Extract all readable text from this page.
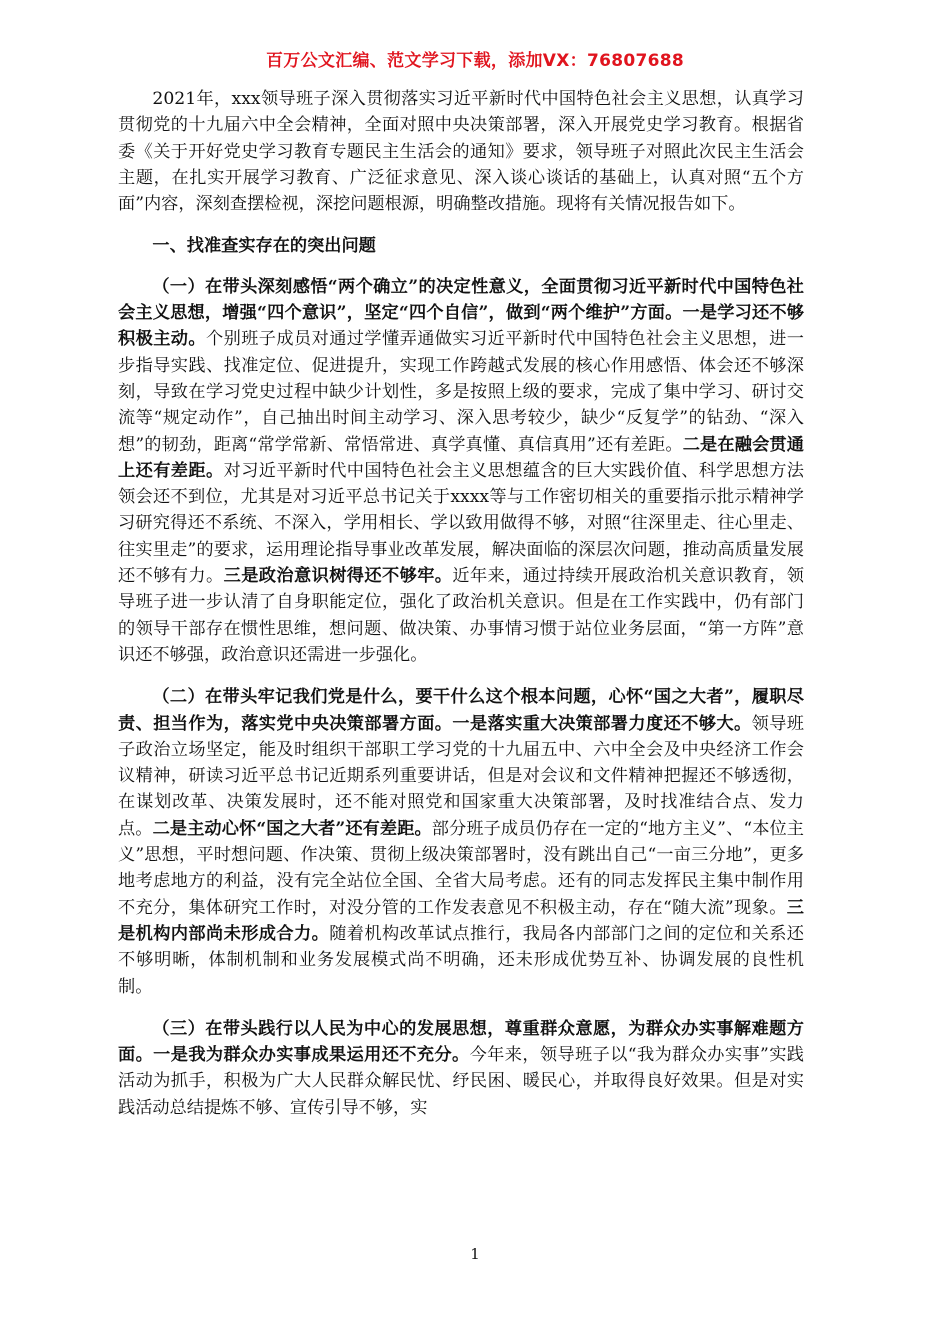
百万公文汇编、范文学习下载，添加VX：76807688

2021年，xxx领导班子深入贯彻落实习近平新时代中国特色社会主义思想，认真学习贯彻党的十九届六中全会精神，全面对照中央决策部署，深入开展党史学习教育。根据省委《关于开好党史学习教育专题民主生活会的通知》要求，领导班子对照此次民主生活会主题，在扎实开展学习教育、广泛征求意见、深入谈心谈话的基础上，认真对照“五个方面”内容，深刻查摆检视，深挖问题根源，明确整改措施。现将有关情况报告如下。

一、找准查实存在的突出问题

（一）在带头深刻感悟“两个确立”的决定性意义，全面贯彻习近平新时代中国特色社会主义思想，增强“四个意识”，坚定“四个自信”，做到“两个维护”方面。一是学习还不够积极主动。个别班子成员对通过学懂弄通做实习近平新时代中国特色社会主义思想，进一步指导实践、找准定位、促进提升，实现工作跨越式发展的核心作用感悟、体会还不够深刻，导致在学习党史过程中缺少计划性，多是按照上级的要求，完成了集中学习、研讨交流等“规定动作”，自己抽出时间主动学习、深入思考较少，缺少“反复学”的钻劲、“深入想”的韧劲，距离“常学常新、常悟常进、真学真懂、真信真用”还有差距。二是在融会贯通上还有差距。对习近平新时代中国特色社会主义思想蕴含的巨大实践价值、科学思想方法领会还不到位，尤其是对习近平总书记关于xxxx等与工作密切相关的重要指示批示精神学习研究得还不系统、不深入，学用相长、学以致用做得不够，对照“往深里走、往心里走、往实里走”的要求，运用理论指导事业改革发展，解决面临的深层次问题，推动高质量发展还不够有力。三是政治意识树得还不够牢。近年来，通过持续开展政治机关意识教育，领导班子进一步认清了自身职能定位，强化了政治机关意识。但是在工作实践中，仍有部门的领导干部存在惯性思维，想问题、做决策、办事情习惯于站位业务层面，“第一方阵”意识还不够强，政治意识还需进一步强化。

（二）在带头牢记我们党是什么，要干什么这个根本问题，心怀“国之大者”，履职尽责、担当作为，落实党中央决策部署方面。一是落实重大决策部署力度还不够大。领导班子政治立场坚定，能及时组织干部职工学习党的十九届五中、六中全会及中央经济工作会议精神，研读习近平总书记近期系列重要讲话，但是对会议和文件精神把握还不够透彻，在谋划改革、决策发展时，还不能对照党和国家重大决策部署，及时找准结合点、发力点。二是主动心怀“国之大者”还有差距。部分班子成员仍存在一定的“地方主义”、“本位主义”思想，平时想问题、作决策、贯彻上级决策部署时，没有跳出自己“一亩三分地”，更多地考虑地方的利益，没有完全站位全国、全省大局考虑。还有的同志发挥民主集中制作用不充分，集体研究工作时，对没分管的工作发表意见不积极主动，存在“随大流”现象。三是机构内部尚未形成合力。随着机构改革试点推行，我局各内部部门之间的定位和关系还不够明晰，体制机制和业务发展模式尚不明确，还未形成优势互补、协调发展的良性机制。

（三）在带头践行以人民为中心的发展思想，尊重群众意愿，为群众办实事解难题方面。一是我为群众办实事成果运用还不充分。今年来，领导班子以“我为群众办实事”实践活动为抓手，积极为广大人民群众解民忧、纾民困、暖民心，并取得良好效果。但是对实践活动总结提炼不够、宣传引导不够，实

1
